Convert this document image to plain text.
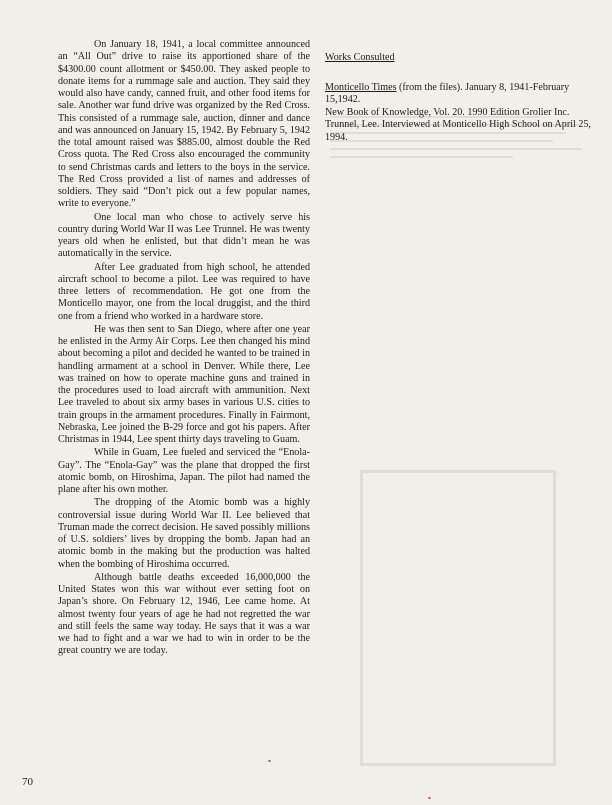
On January 18, 1941, a local committee announced an “All Out” drive to raise its apportioned share of the $4300.00 count allotment or $450.00. They asked people to donate items for a rummage sale and auction. They said they would also have candy, canned fruit, and other food items for sale. Another war fund drive was organized by the Red Cross. This consisted of a rummage sale, auction, dinner and dance and was announced on January 15, 1942. By February 5, 1942 the total amount raised was $885.00, almost double the Red Cross quota. The Red Cross also encouraged the community to send Christmas cards and letters to the boys in the service. The Red Cross provided a list of names and addresses of soldiers. They said “Don’t pick out a few popular names, write to everyone.”

One local man who chose to actively serve his country during World War II was Lee Trunnel. He was twenty years old when he enlisted, but that didn’t mean he was automatically in the service.

After Lee graduated from high school, he attended aircraft school to become a pilot. Lee was required to have three letters of recommendation. He got one from the Monticello mayor, one from the local druggist, and the third one from a friend who worked in a hardware store.

He was then sent to San Diego, where after one year he enlisted in the Army Air Corps. Lee then changed his mind about becoming a pilot and decided he wanted to be trained in handling armament at a school in Denver. While there, Lee was trained on how to operate machine guns and trained in the procedures used to load aircraft with ammunition. Next Lee traveled to about six army bases in various U.S. cities to train groups in the armament procedures. Finally in Fairmont, Nebraska, Lee joined the B-29 force and got his papers. After Christmas in 1944, Lee spent thirty days traveling to Guam.

While in Guam, Lee fueled and serviced the “Enola-Gay”. The “Enola-Gay” was the plane that dropped the first atomic bomb, on Hiroshima, Japan. The pilot had named the plane after his own mother.

The dropping of the Atomic bomb was a highly controversial issue during World War II. Lee believed that Truman made the correct decision. He saved possibly millions of U.S. soldiers’ lives by dropping the bomb. Japan had an atomic bomb in the making but the production was halted when the bombing of Hiroshima occurred.

Although battle deaths exceeded 16,000,000 the United States won this war without ever setting foot on Japan’s shore. On February 12, 1946, Lee came home. At almost twenty four years of age he had not regretted the war and still feels the same way today. He says that it was a war we had to fight and a war we had to win in order to be the great country we are today.

Works Consulted
Monticello Times (from the files). January 8, 1941-February 15,1942.
New Book of Knowledge, Vol. 20. 1990 Edition Grolier Inc.
Trunnel, Lee. Interviewed at Monticello High School on April 25, 1994.
70
